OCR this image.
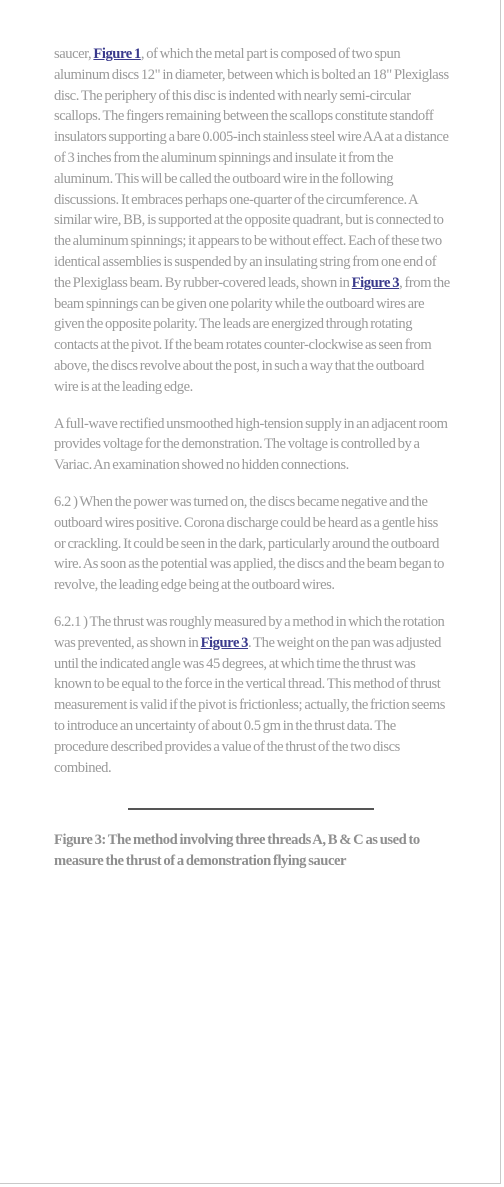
saucer, Figure 1, of which the metal part is composed of two spun aluminum discs 12" in diameter, between which is bolted an 18" Plexiglass disc. The periphery of this disc is indented with nearly semi-circular scallops. The fingers remaining between the scallops constitute standoff insulators supporting a bare 0.005-inch stainless steel wire AA at a distance of 3 inches from the aluminum spinnings and insulate it from the aluminum. This will be called the outboard wire in the following discussions. It embraces perhaps one-quarter of the circumference. A similar wire, BB, is supported at the opposite quadrant, but is connected to the aluminum spinnings; it appears to be without effect. Each of these two identical assemblies is suspended by an insulating string from one end of the Plexiglass beam. By rubber-covered leads, shown in Figure 3, from the beam spinnings can be given one polarity while the outboard wires are given the opposite polarity. The leads are energized through rotating contacts at the pivot. If the beam rotates counter-clockwise as seen from above, the discs revolve about the post, in such a way that the outboard wire is at the leading edge.

A full-wave rectified unsmoothed high-tension supply in an adjacent room provides voltage for the demonstration. The voltage is controlled by a Variac. An examination showed no hidden connections.

6.2 ) When the power was turned on, the discs became negative and the outboard wires positive. Corona discharge could be heard as a gentle hiss or crackling. It could be seen in the dark, particularly around the outboard wire. As soon as the potential was applied, the discs and the beam began to revolve, the leading edge being at the outboard wires.

6.2.1 ) The thrust was roughly measured by a method in which the rotation was prevented, as shown in Figure 3. The weight on the pan was adjusted until the indicated angle was 45 degrees, at which time the thrust was known to be equal to the force in the vertical thread. This method of thrust measurement is valid if the pivot is frictionless; actually, the friction seems to introduce an uncertainty of about 0.5 gm in the thrust data. The procedure described provides a value of the thrust of the two discs combined.

Figure 3: The method involving three threads A, B & C as used to measure the thrust of a demonstration flying saucer
